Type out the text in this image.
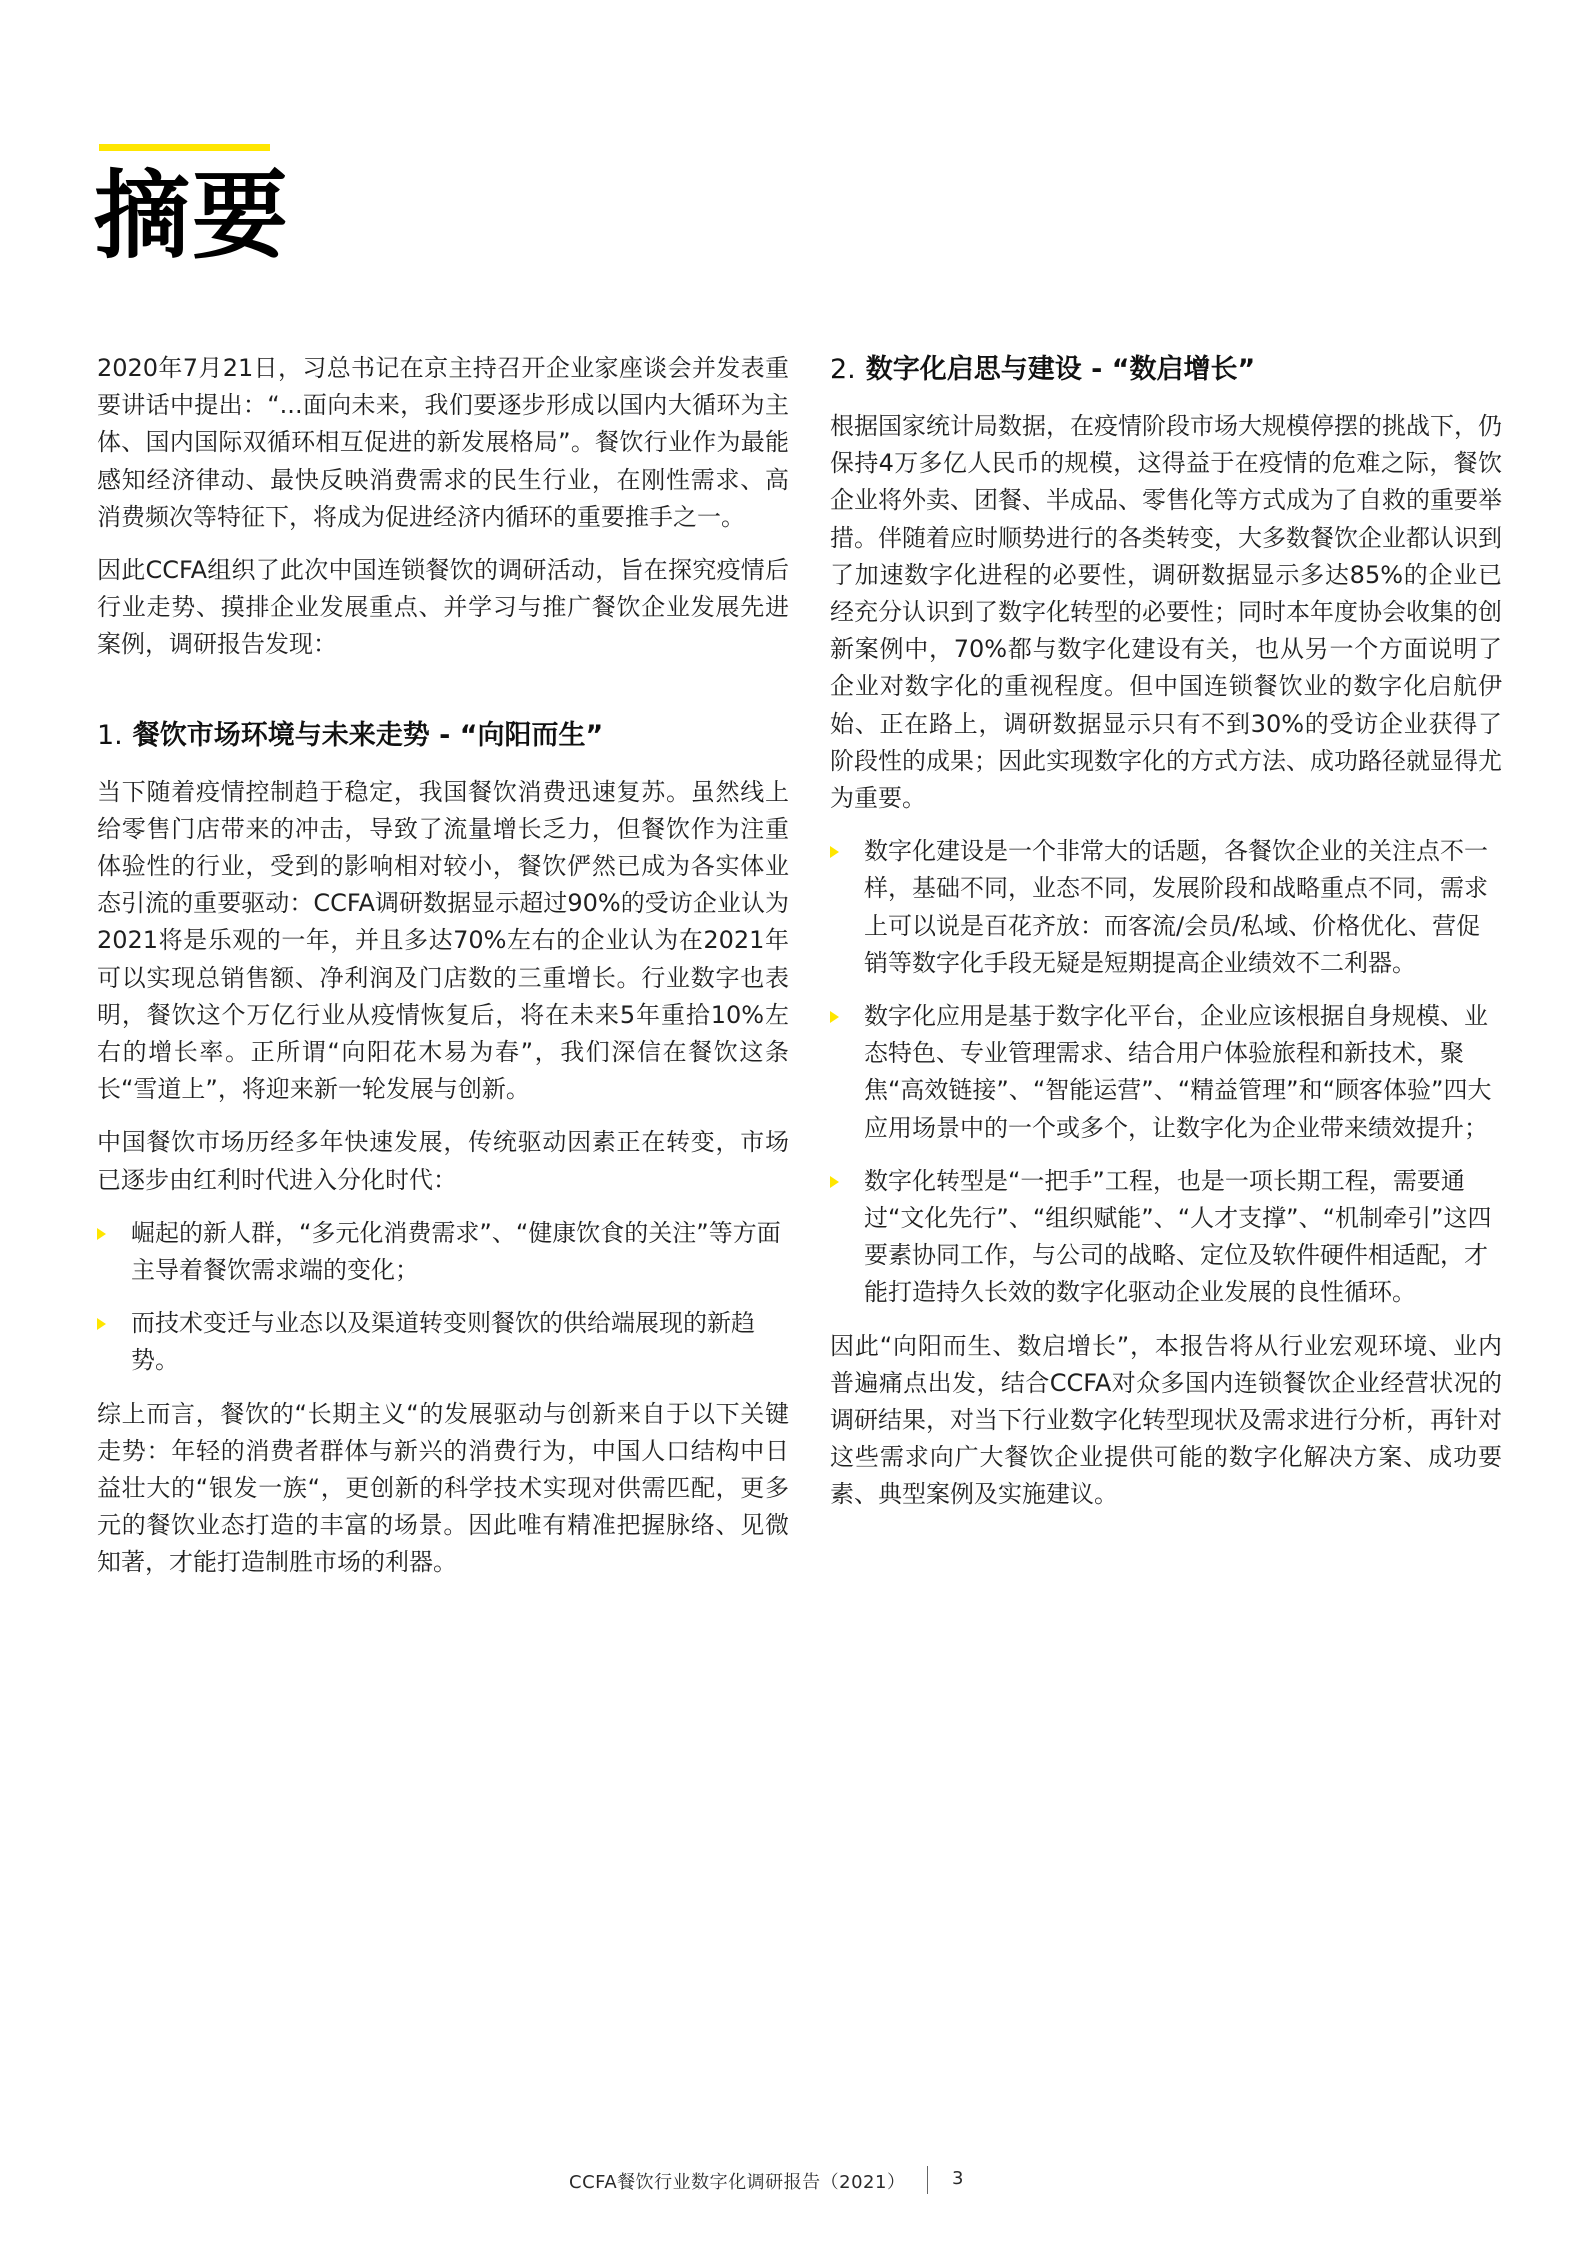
摘要

2020年7月21日，习总书记在京主持召开企业家座谈会并发表重要讲话中提出：“...面向未来，我们要逐步形成以国内大循环为主体、国内国际双循环相互促进的新发展格局”。餐饮行业作为最能感知经济律动、最快反映消费需求的民生行业，在刚性需求、高消费频次等特征下，将成为促进经济内循环的重要推手之一。

因此CCFA组织了此次中国连锁餐饮的调研活动，旨在探究疫情后行业走势、摸排企业发展重点、并学习与推广餐饮企业发展先进案例，调研报告发现：

1. 餐饮市场环境与未来走势 - “向阳而生”

当下随着疫情控制趋于稳定，我国餐饮消费迅速复苏。虽然线上给零售门店带来的冲击，导致了流量增长乏力，但餐饮作为注重体验性的行业，受到的影响相对较小，餐饮俨然已成为各实体业态引流的重要驱动：CCFA调研数据显示超过90%的受访企业认为2021将是乐观的一年，并且多达70%左右的企业认为在2021年可以实现总销售额、净利润及门店数的三重增长。行业数字也表明，餐饮这个万亿行业从疫情恢复后，将在未来5年重拾10%左右的增长率。正所谓“向阳花木易为春”，我们深信在餐饮这条长“雪道上”，将迎来新一轮发展与创新。

中国餐饮市场历经多年快速发展，传统驱动因素正在转变，市场已逐步由红利时代进入分化时代：

崛起的新人群，“多元化消费需求”、“健康饮食的关注”等方面主导着餐饮需求端的变化；
而技术变迁与业态以及渠道转变则餐饮的供给端展现的新趋势。

综上而言，餐饮的“长期主义“的发展驱动与创新来自于以下关键走势：年轻的消费者群体与新兴的消费行为，中国人口结构中日益壮大的“银发一族“，更创新的科学技术实现对供需匹配，更多元的餐饮业态打造的丰富的场景。因此唯有精准把握脉络、见微知著，才能打造制胜市场的利器。

2. 数字化启思与建设 - “数启增长”

根据国家统计局数据，在疫情阶段市场大规模停摆的挑战下，仍保持4万多亿人民币的规模，这得益于在疫情的危难之际，餐饮企业将外卖、团餐、半成品、零售化等方式成为了自救的重要举措。伴随着应时顺势进行的各类转变，大多数餐饮企业都认识到了加速数字化进程的必要性，调研数据显示多达85%的企业已经充分认识到了数字化转型的必要性；同时本年度协会收集的创新案例中，70%都与数字化建设有关，也从另一个方面说明了企业对数字化的重视程度。但中国连锁餐饮业的数字化启航伊始、正在路上，调研数据显示只有不到30%的受访企业获得了阶段性的成果；因此实现数字化的方式方法、成功路径就显得尤为重要。

数字化建设是一个非常大的话题，各餐饮企业的关注点不一样，基础不同，业态不同，发展阶段和战略重点不同，需求上可以说是百花齐放：而客流/会员/私域、价格优化、营促销等数字化手段无疑是短期提高企业绩效不二利器。
数字化应用是基于数字化平台，企业应该根据自身规模、业态特色、专业管理需求、结合用户体验旅程和新技术，聚焦“高效链接”、“智能运营”、“精益管理”和“顾客体验”四大应用场景中的一个或多个，让数字化为企业带来绩效提升；
数字化转型是“一把手”工程，也是一项长期工程，需要通过“文化先行”、“组织赋能”、“人才支撑”、“机制牵引”这四要素协同工作，与公司的战略、定位及软件硬件相适配，才能打造持久长效的数字化驱动企业发展的良性循环。

因此“向阳而生、数启增长”，本报告将从行业宏观环境、业内普遍痛点出发，结合CCFA对众多国内连锁餐饮企业经营状况的调研结果，对当下行业数字化转型现状及需求进行分析，再针对这些需求向广大餐饮企业提供可能的数字化解决方案、成功要素、典型案例及实施建议。

CCFA餐饮行业数字化调研报告（2021）	3
